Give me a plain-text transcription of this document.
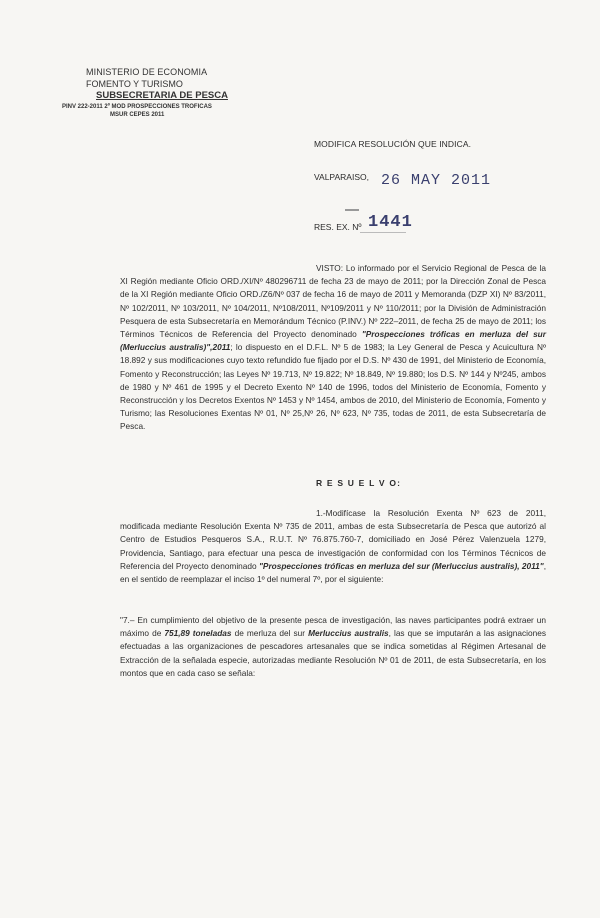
MINISTERIO DE ECONOMIA
FOMENTO Y TURISMO
SUBSECRETARIA DE PESCA
PINV 222-2011 2º MOD PROSPECCIONES TROFICAS
MSUR CEPES 2011
MODIFICA RESOLUCIÓN QUE INDICA.
VALPARAISO, 26 MAY 2011
RES. EX. Nº 1441
VISTO: Lo informado por el Servicio Regional de Pesca de la XI Región mediante Oficio ORD./XI/Nº 480296711 de fecha 23 de mayo de 2011; por la Dirección Zonal de Pesca de la XI Región mediante Oficio ORD./Z6/Nº 037 de fecha 16 de mayo de 2011 y Memoranda (DZP XI) Nº 83/2011, Nº 102/2011, Nº 103/2011, Nº 104/2011, Nº108/2011, Nº109/2011 y Nº 110/2011; por la División de Administración Pesquera de esta Subsecretaría en Memorándum Técnico (P.INV.) Nº 222–2011, de fecha 25 de mayo de 2011; los Términos Técnicos de Referencia del Proyecto denominado "Prospecciones tróficas en merluza del sur (Merluccius australis)",2011; lo dispuesto en el D.F.L. Nº 5 de 1983; la Ley General de Pesca y Acuicultura Nº 18.892 y sus modificaciones cuyo texto refundido fue fijado por el D.S. Nº 430 de 1991, del Ministerio de Economía, Fomento y Reconstrucción; las Leyes Nº 19.713, Nº 19.822; Nº 18.849, Nº 19.880; los D.S. Nº 144 y Nº245, ambos de 1980 y Nº 461 de 1995 y el Decreto Exento Nº 140 de 1996, todos del Ministerio de Economía, Fomento y Reconstrucción y los Decretos Exentos Nº 1453 y Nº 1454, ambos de 2010, del Ministerio de Economía, Fomento y Turismo; las Resoluciones Exentas Nº 01, Nº 25,Nº 26, Nº 623, Nº 735, todas de 2011, de esta Subsecretaría de Pesca.
R E S U E L V O:
1.-Modifícase la Resolución Exenta Nº 623 de 2011, modificada mediante Resolución Exenta Nº 735 de 2011, ambas de esta Subsecretaría de Pesca que autorizó al Centro de Estudios Pesqueros S.A., R.U.T. Nº 76.875.760-7, domiciliado en José Pérez Valenzuela 1279, Providencia, Santiago, para efectuar una pesca de investigación de conformidad con los Términos Técnicos de Referencia del Proyecto denominado "Prospecciones tróficas en merluza del sur (Merluccius australis), 2011", en el sentido de reemplazar el inciso 1º del numeral 7º, por el siguiente:
"7.– En cumplimiento del objetivo de la presente pesca de investigación, las naves participantes podrá extraer un máximo de 751,89 toneladas de merluza del sur Merluccius australis, las que se imputarán a las asignaciones efectuadas a las organizaciones de pescadores artesanales que se indica sometidas al Régimen Artesanal de Extracción de la señalada especie, autorizadas mediante Resolución Nº 01 de 2011, de esta Subsecretaría, en los montos que en cada caso se señala:
